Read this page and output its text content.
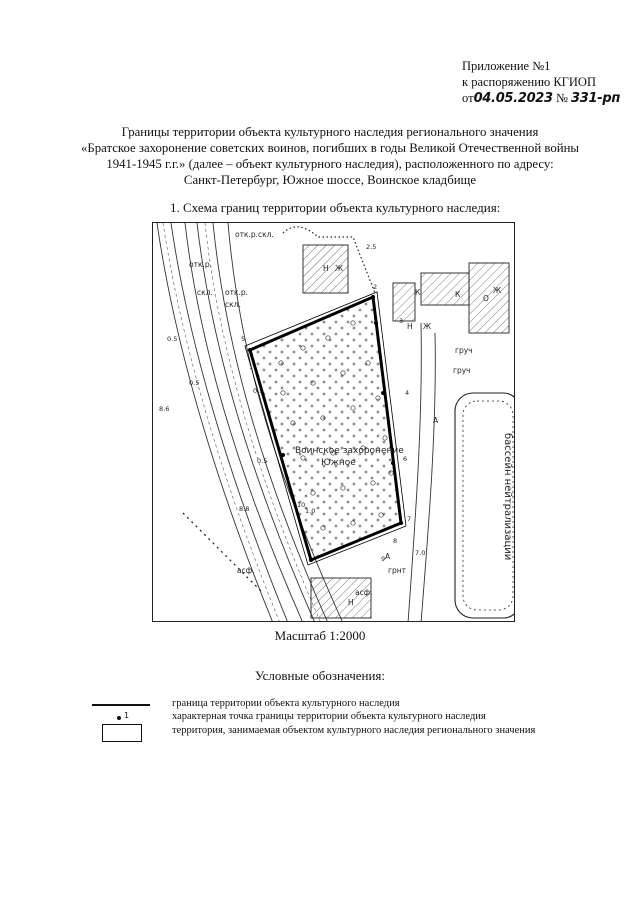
Приложение №1
к распоряжению КГИОП
от04.05.2023 № 331-рп
Границы территории объекта культурного наследия регионального значения
«Братское захоронение советских воинов, погибших в годы Великой Отечественной войны
1941-1945 г.г.» (далее – объект культурного наследия), расположенного по адресу:
Санкт-Петербург, Южное шоссе, Воинское кладбище
1. Схема границ территории объекта культурного наследия:
отк.р.скл.
Н Ж
отк.р.
скл.
скл.	К
Н Ж
К	О
груч
груч
А
А
Н
асф.
Ж
отк.р.
асф.	грнт
2.5
2
3
4
5
1
6
7
8
9
10
0.5
0.5
8.6
0.5
0.5
8.8	1.0
7.0
Воинское захоронение
Южное	бассейн нейтрализации
Масштаб 1:2000
Условные обозначения:
граница территории объекта культурного наследия
1	характерная точка границы территории объекта культурного наследия
территория, занимаемая объектом культурного наследия регионального значения
